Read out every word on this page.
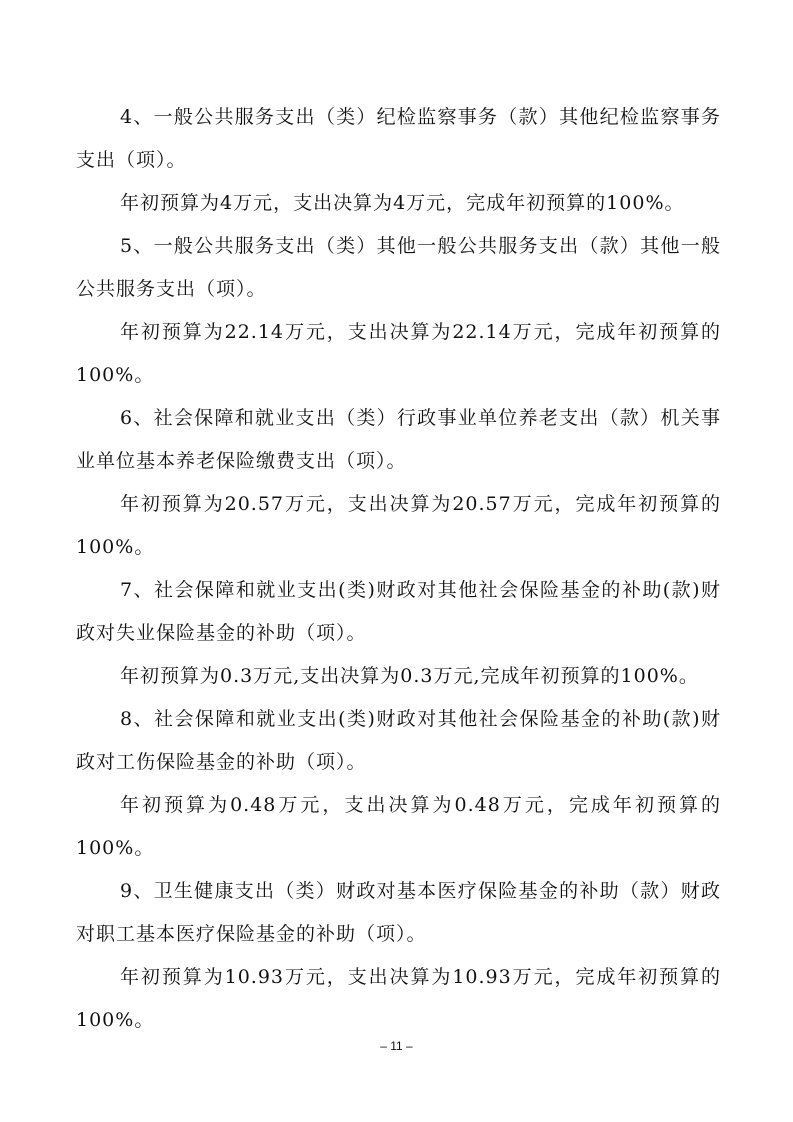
4、一般公共服务支出（类）纪检监察事务（款）其他纪检监察事务支出（项）。

年初预算为4万元，支出决算为4万元，完成年初预算的100%。

5、一般公共服务支出（类）其他一般公共服务支出（款）其他一般公共服务支出（项）。

年初预算为22.14万元，支出决算为22.14万元，完成年初预算的100%。

6、社会保障和就业支出（类）行政事业单位养老支出（款）机关事业单位基本养老保险缴费支出（项）。

年初预算为20.57万元，支出决算为20.57万元，完成年初预算的100%。

7、社会保障和就业支出(类)财政对其他社会保险基金的补助(款)财政对失业保险基金的补助（项）。

年初预算为0.3万元,支出决算为0.3万元,完成年初预算的100%。

8、社会保障和就业支出(类)财政对其他社会保险基金的补助(款)财政对工伤保险基金的补助（项）。

年初预算为0.48万元，支出决算为0.48万元，完成年初预算的100%。

9、卫生健康支出（类）财政对基本医疗保险基金的补助（款）财政对职工基本医疗保险基金的补助（项）。

年初预算为10.93万元，支出决算为10.93万元，完成年初预算的100%。

– 11 –
